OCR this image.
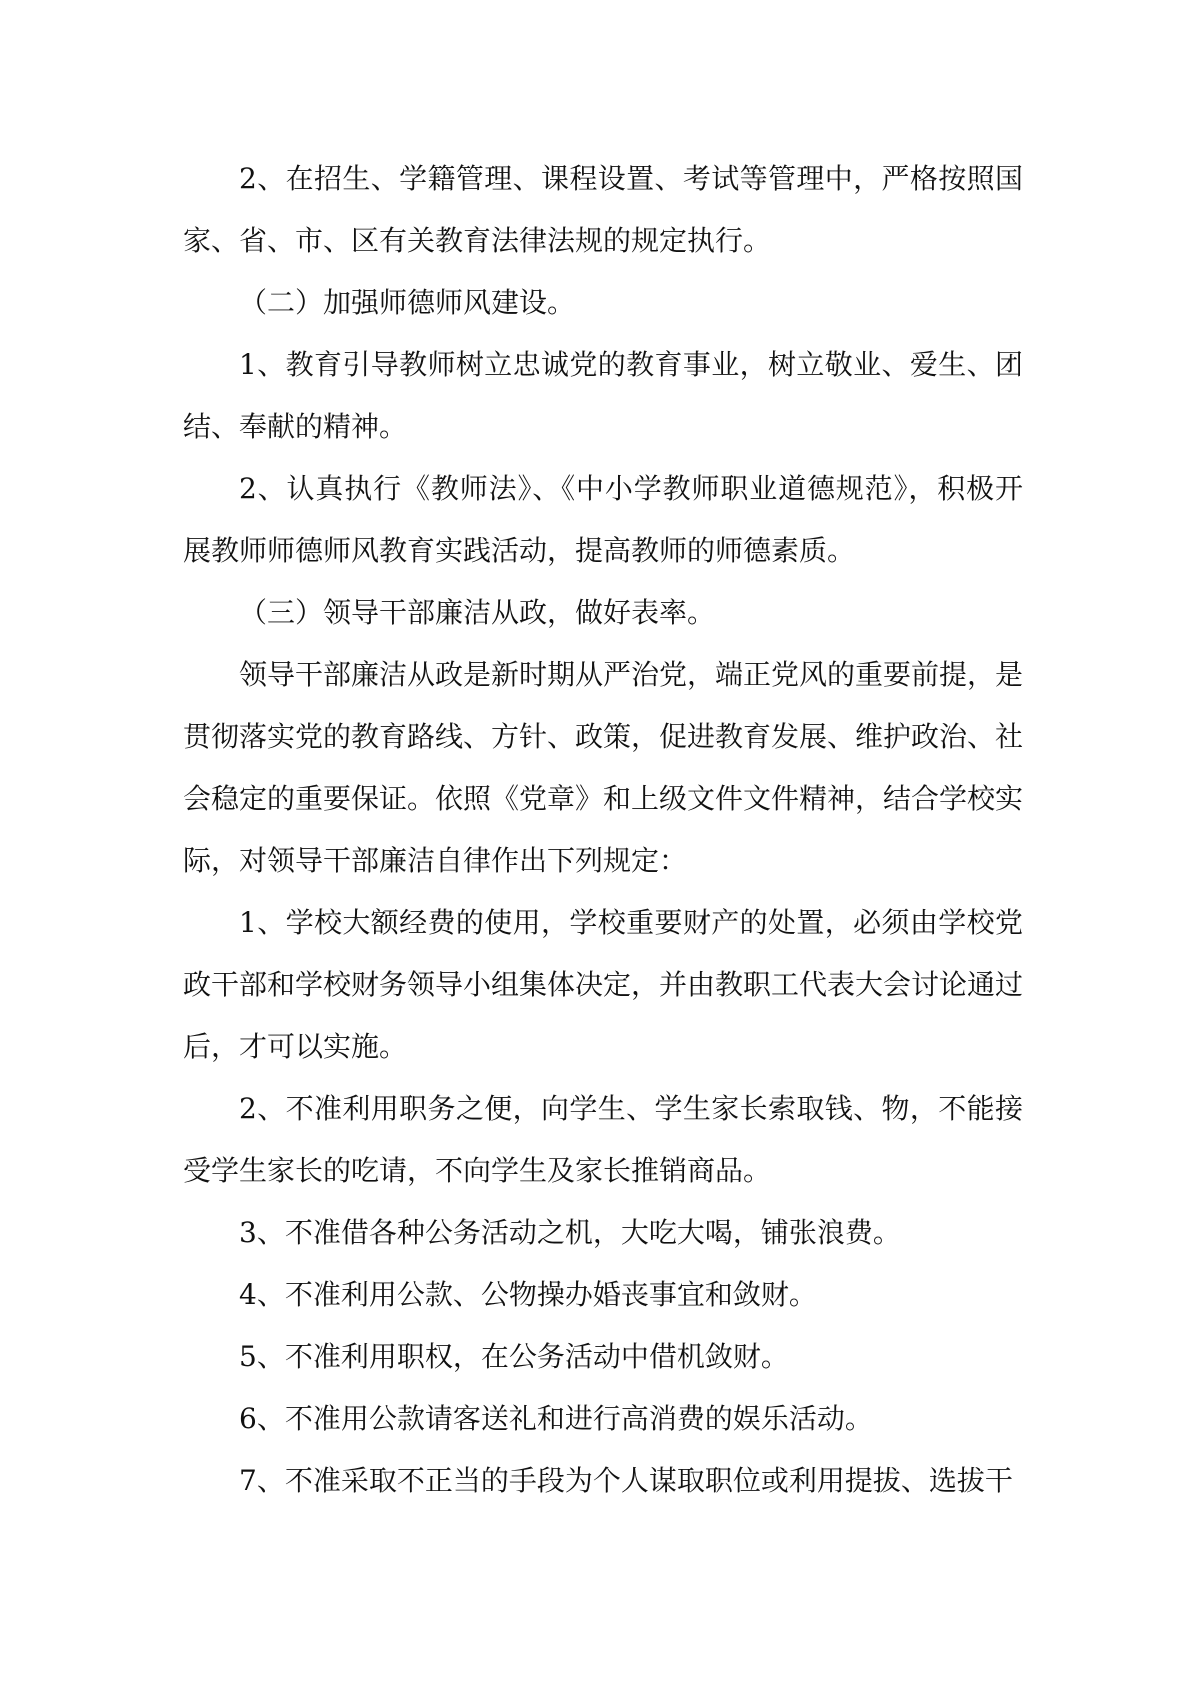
2、在招生、学籍管理、课程设置、考试等管理中，严格按照国家、省、市、区有关教育法律法规的规定执行。

（二）加强师德师风建设。

1、教育引导教师树立忠诚党的教育事业，树立敬业、爱生、团结、奉献的精神。

2、认真执行《教师法》、《中小学教师职业道德规范》，积极开展教师师德师风教育实践活动，提高教师的师德素质。

（三）领导干部廉洁从政，做好表率。

领导干部廉洁从政是新时期从严治党，端正党风的重要前提，是贯彻落实党的教育路线、方针、政策，促进教育发展、维护政治、社会稳定的重要保证。依照《党章》和上级文件文件精神，结合学校实际，对领导干部廉洁自律作出下列规定：

1、学校大额经费的使用，学校重要财产的处置，必须由学校党政干部和学校财务领导小组集体决定，并由教职工代表大会讨论通过后，才可以实施。

2、不准利用职务之便，向学生、学生家长索取钱、物，不能接受学生家长的吃请，不向学生及家长推销商品。

3、不准借各种公务活动之机，大吃大喝，铺张浪费。

4、不准利用公款、公物操办婚丧事宜和敛财。

5、不准利用职权，在公务活动中借机敛财。

6、不准用公款请客送礼和进行高消费的娱乐活动。

7、不准采取不正当的手段为个人谋取职位或利用提拔、选拔干
